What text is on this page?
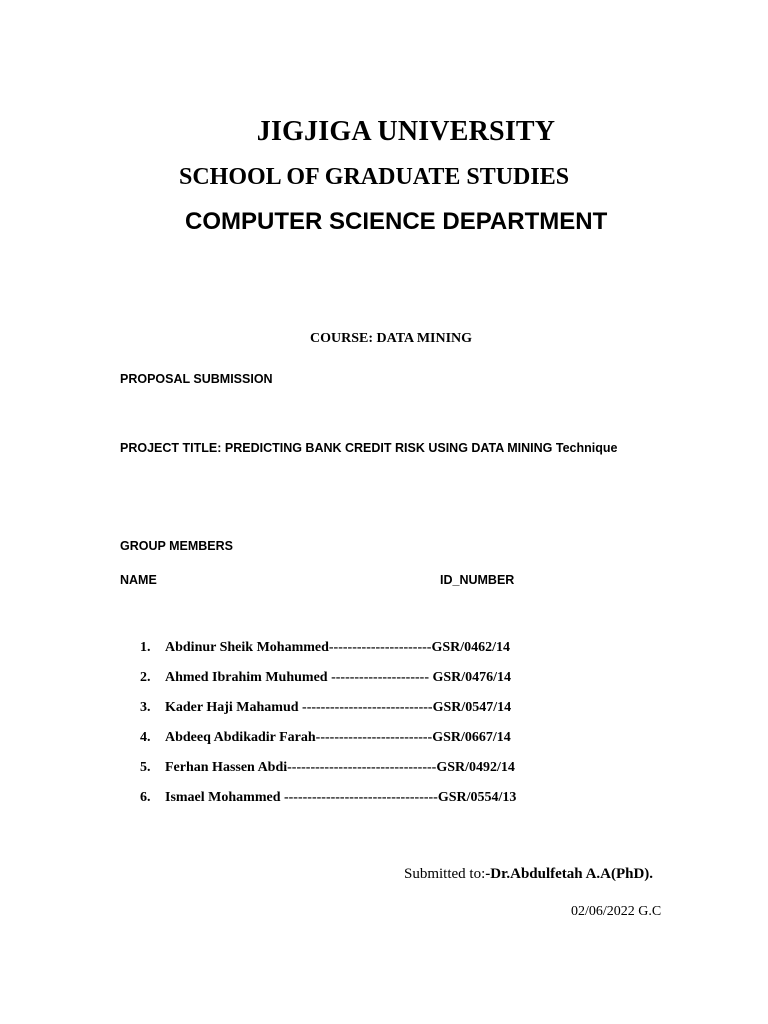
JIGJIGA UNIVERSITY
SCHOOL OF GRADUATE STUDIES
COMPUTER SCIENCE DEPARTMENT
COURSE: DATA MINING
PROPOSAL SUBMISSION
PROJECT TITLE: PREDICTING BANK CREDIT RISK USING DATA MINING Technique
GROUP MEMBERS
NAME	ID_NUMBER
1.	Abdinur Sheik Mohammed----------------------GSR/0462/14
2.	Ahmed Ibrahim Muhumed --------------------- GSR/0476/14
3.	Kader Haji Mahamud ----------------------------GSR/0547/14
4.	Abdeeq Abdikadir Farah-------------------------GSR/0667/14
5.	Ferhan Hassen Abdi--------------------------------GSR/0492/14
6.	Ismael Mohammed ---------------------------------GSR/0554/13
Submitted to:-Dr.Abdulfetah A.A(PhD).
02/06/2022 G.C
